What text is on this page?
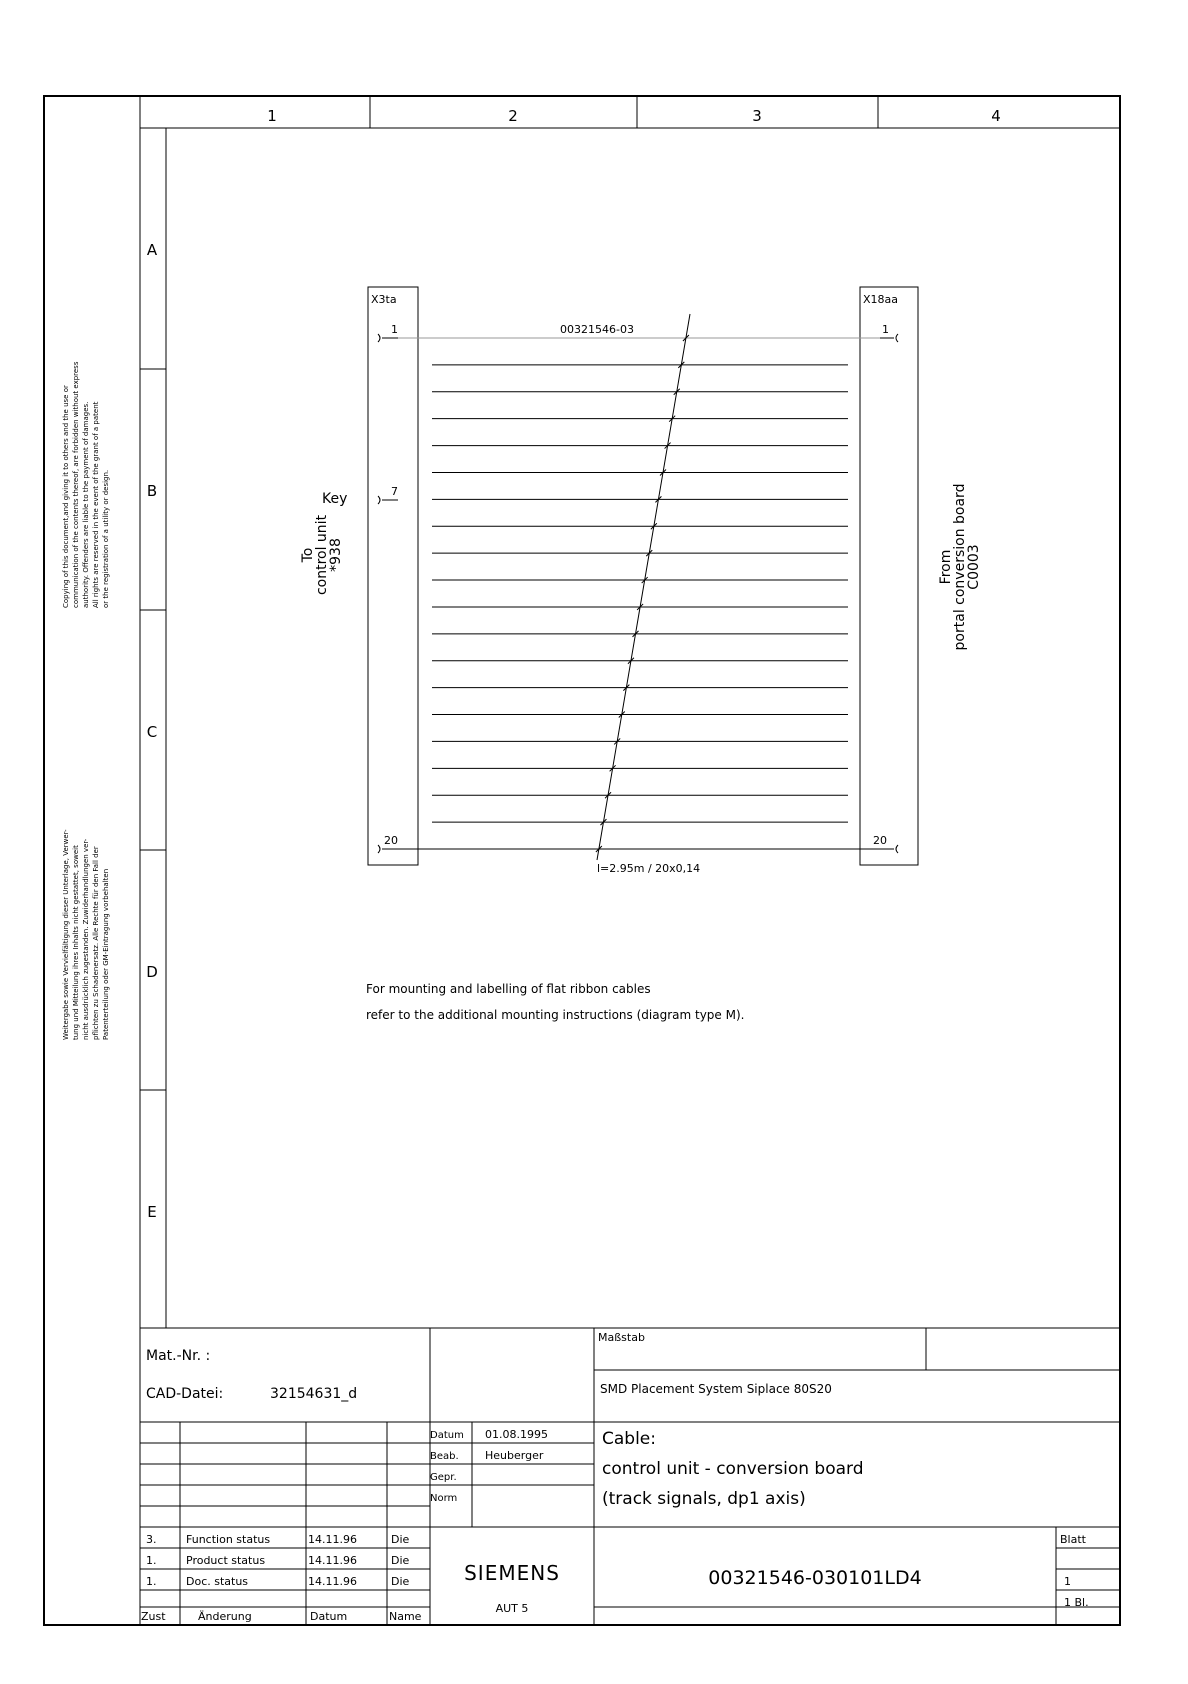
1	2	3	4
A
B
C
D
E
Copying of this document,and giving it to others and the use or communication of the contents thereof, are forbidden without express authority. Offenders are liable to the payment of damages. All rights are reserved in the event of the grant of a patent or the registration of a utility or design.
Weitergabe sowie Vervielfältigung dieser Unterlage, Verwer- tung und Mitteilung ihres Inhalts nicht gestattet, soweit nicht ausdrücklich zugestanden. Zuwiderhandlungen ver- pflichten zu Schadenersatz. Alle Rechte für den Fall der Patenterteilung oder GM-Eintragung vorbehalten
X3ta	X18aa
1
7
20
Key
1
20
00321546-03
l=2.95m / 20x0,14
To
control unit
*938	From
portal conversion board
C0003
For mounting and labelling of flat ribbon cables
refer to the additional mounting instructions (diagram type M).
Mat.-Nr. :
CAD-Datei:	32154631_d
Maßstab
SMD Placement System Siplace 80S20
Datum 01.08.1995
Beab. Heuberger
Gepr.
Norm
Cable:
control unit - conversion board
(track signals, dp1 axis)
SIEMENS
AUT 5
00321546-030101LD4
Blatt
1
1 Bl.
3.	Function status	14.11.96	Die
1.	Product status	14.11.96	Die
1.	Doc. status	14.11.96	Die
Zust	Änderung	Datum	Name
